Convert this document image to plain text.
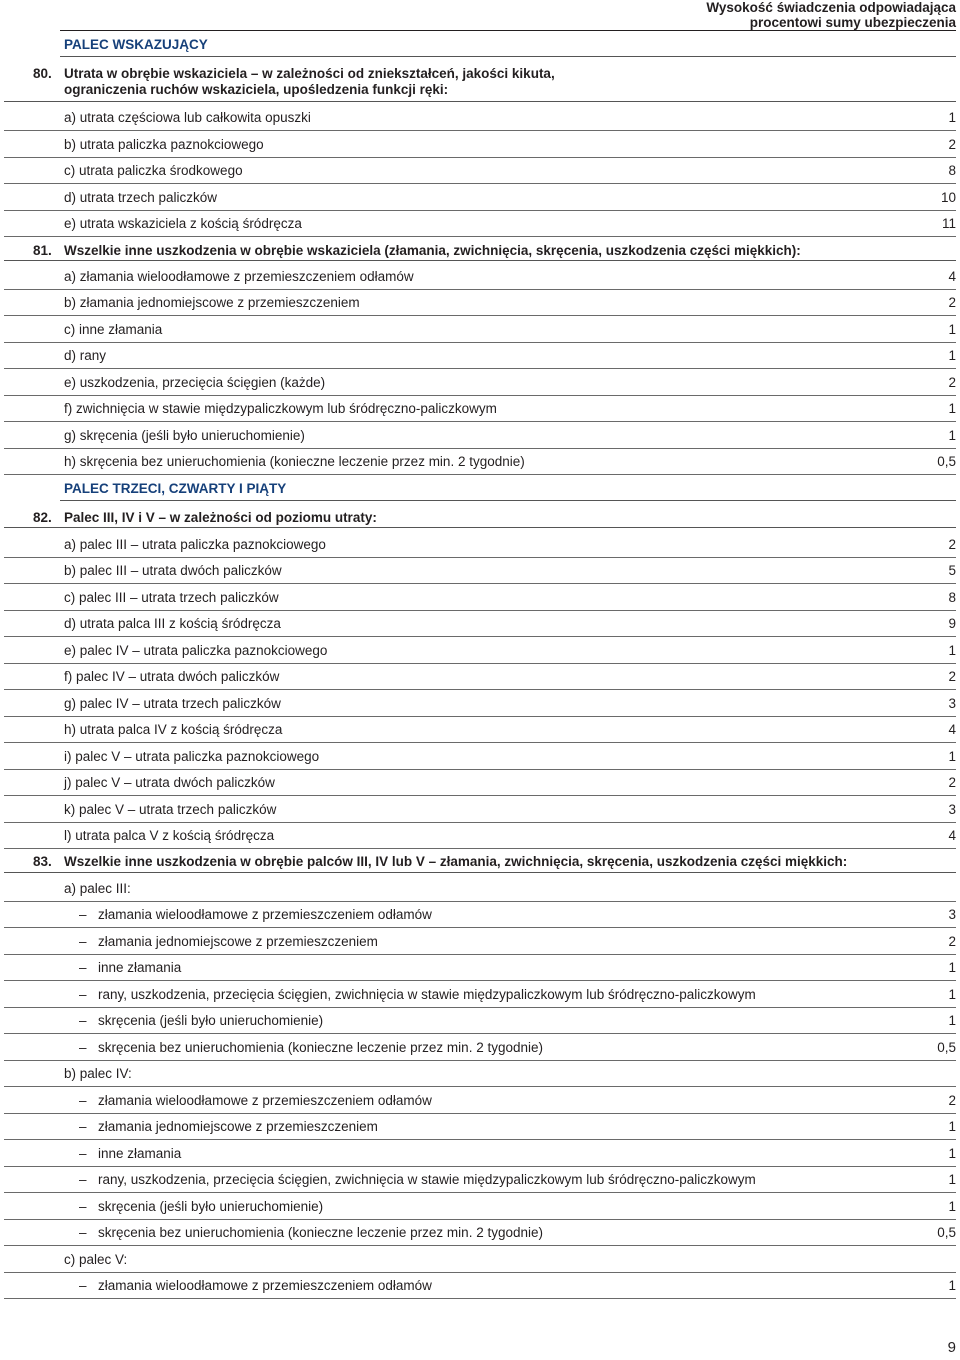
Wysokość świadczenia odpowiadająca
procentowi sumy ubezpieczenia
PALEC WSKAZUJĄCY
80. Utrata w obrębie wskaziciela – w zależności od zniekształceń, jakości kikuta,
ograniczenia ruchów wskaziciela, upośledzenia funkcji ręki:
a) utrata częściowa lub całkowita opuszki	1
b) utrata paliczka paznokciowego	2
c) utrata paliczka środkowego	8
d) utrata trzech paliczków	10
e) utrata wskaziciela z kością śródręcza	11
81. Wszelkie inne uszkodzenia w obrębie wskaziciela (złamania, zwichnięcia, skręcenia, uszkodzenia części miękkich):
a) złamania wieloodłamowe z przemieszczeniem odłamów	4
b) złamania jednomiejscowe z przemieszczeniem	2
c) inne złamania	1
d) rany	1
e) uszkodzenia, przecięcia ścięgien (każde)	2
f) zwichnięcia w stawie międzypaliczkowym lub śródręczno-paliczkowym	1
g) skręcenia (jeśli było unieruchomienie)	1
h) skręcenia bez unieruchomienia (konieczne leczenie przez min. 2 tygodnie)	0,5
PALEC TRZECI, CZWARTY I PIĄTY
82. Palec III, IV i V – w zależności od poziomu utraty:
a) palec III – utrata paliczka paznokciowego	2
b) palec III – utrata dwóch paliczków	5
c) palec III – utrata trzech paliczków	8
d) utrata palca III z kością śródręcza	9
e) palec IV – utrata paliczka paznokciowego	1
f) palec IV – utrata dwóch paliczków	2
g) palec IV – utrata trzech paliczków	3
h) utrata palca IV z kością śródręcza	4
i) palec V – utrata paliczka paznokciowego	1
j) palec V – utrata dwóch paliczków	2
k) palec V – utrata trzech paliczków	3
l) utrata palca V z kością śródręcza	4
83. Wszelkie inne uszkodzenia w obrębie palców III, IV lub V – złamania, zwichnięcia, skręcenia, uszkodzenia części miękkich:
a) palec III:
– złamania wieloodłamowe z przemieszczeniem odłamów	3
– złamania jednomiejscowe z przemieszczeniem	2
– inne złamania	1
– rany, uszkodzenia, przecięcia ścięgien, zwichnięcia w stawie międzypaliczkowym lub śródręczno-paliczkowym	1
– skręcenia (jeśli było unieruchomienie)	1
– skręcenia bez unieruchomienia (konieczne leczenie przez min. 2 tygodnie)	0,5
b) palec IV:
– złamania wieloodłamowe z przemieszczeniem odłamów	2
– złamania jednomiejscowe z przemieszczeniem	1
– inne złamania	1
– rany, uszkodzenia, przecięcia ścięgien, zwichnięcia w stawie międzypaliczkowym lub śródręczno-paliczkowym	1
– skręcenia (jeśli było unieruchomienie)	1
– skręcenia bez unieruchomienia (konieczne leczenie przez min. 2 tygodnie)	0,5
c) palec V:
– złamania wieloodłamowe z przemieszczeniem odłamów	1
9
